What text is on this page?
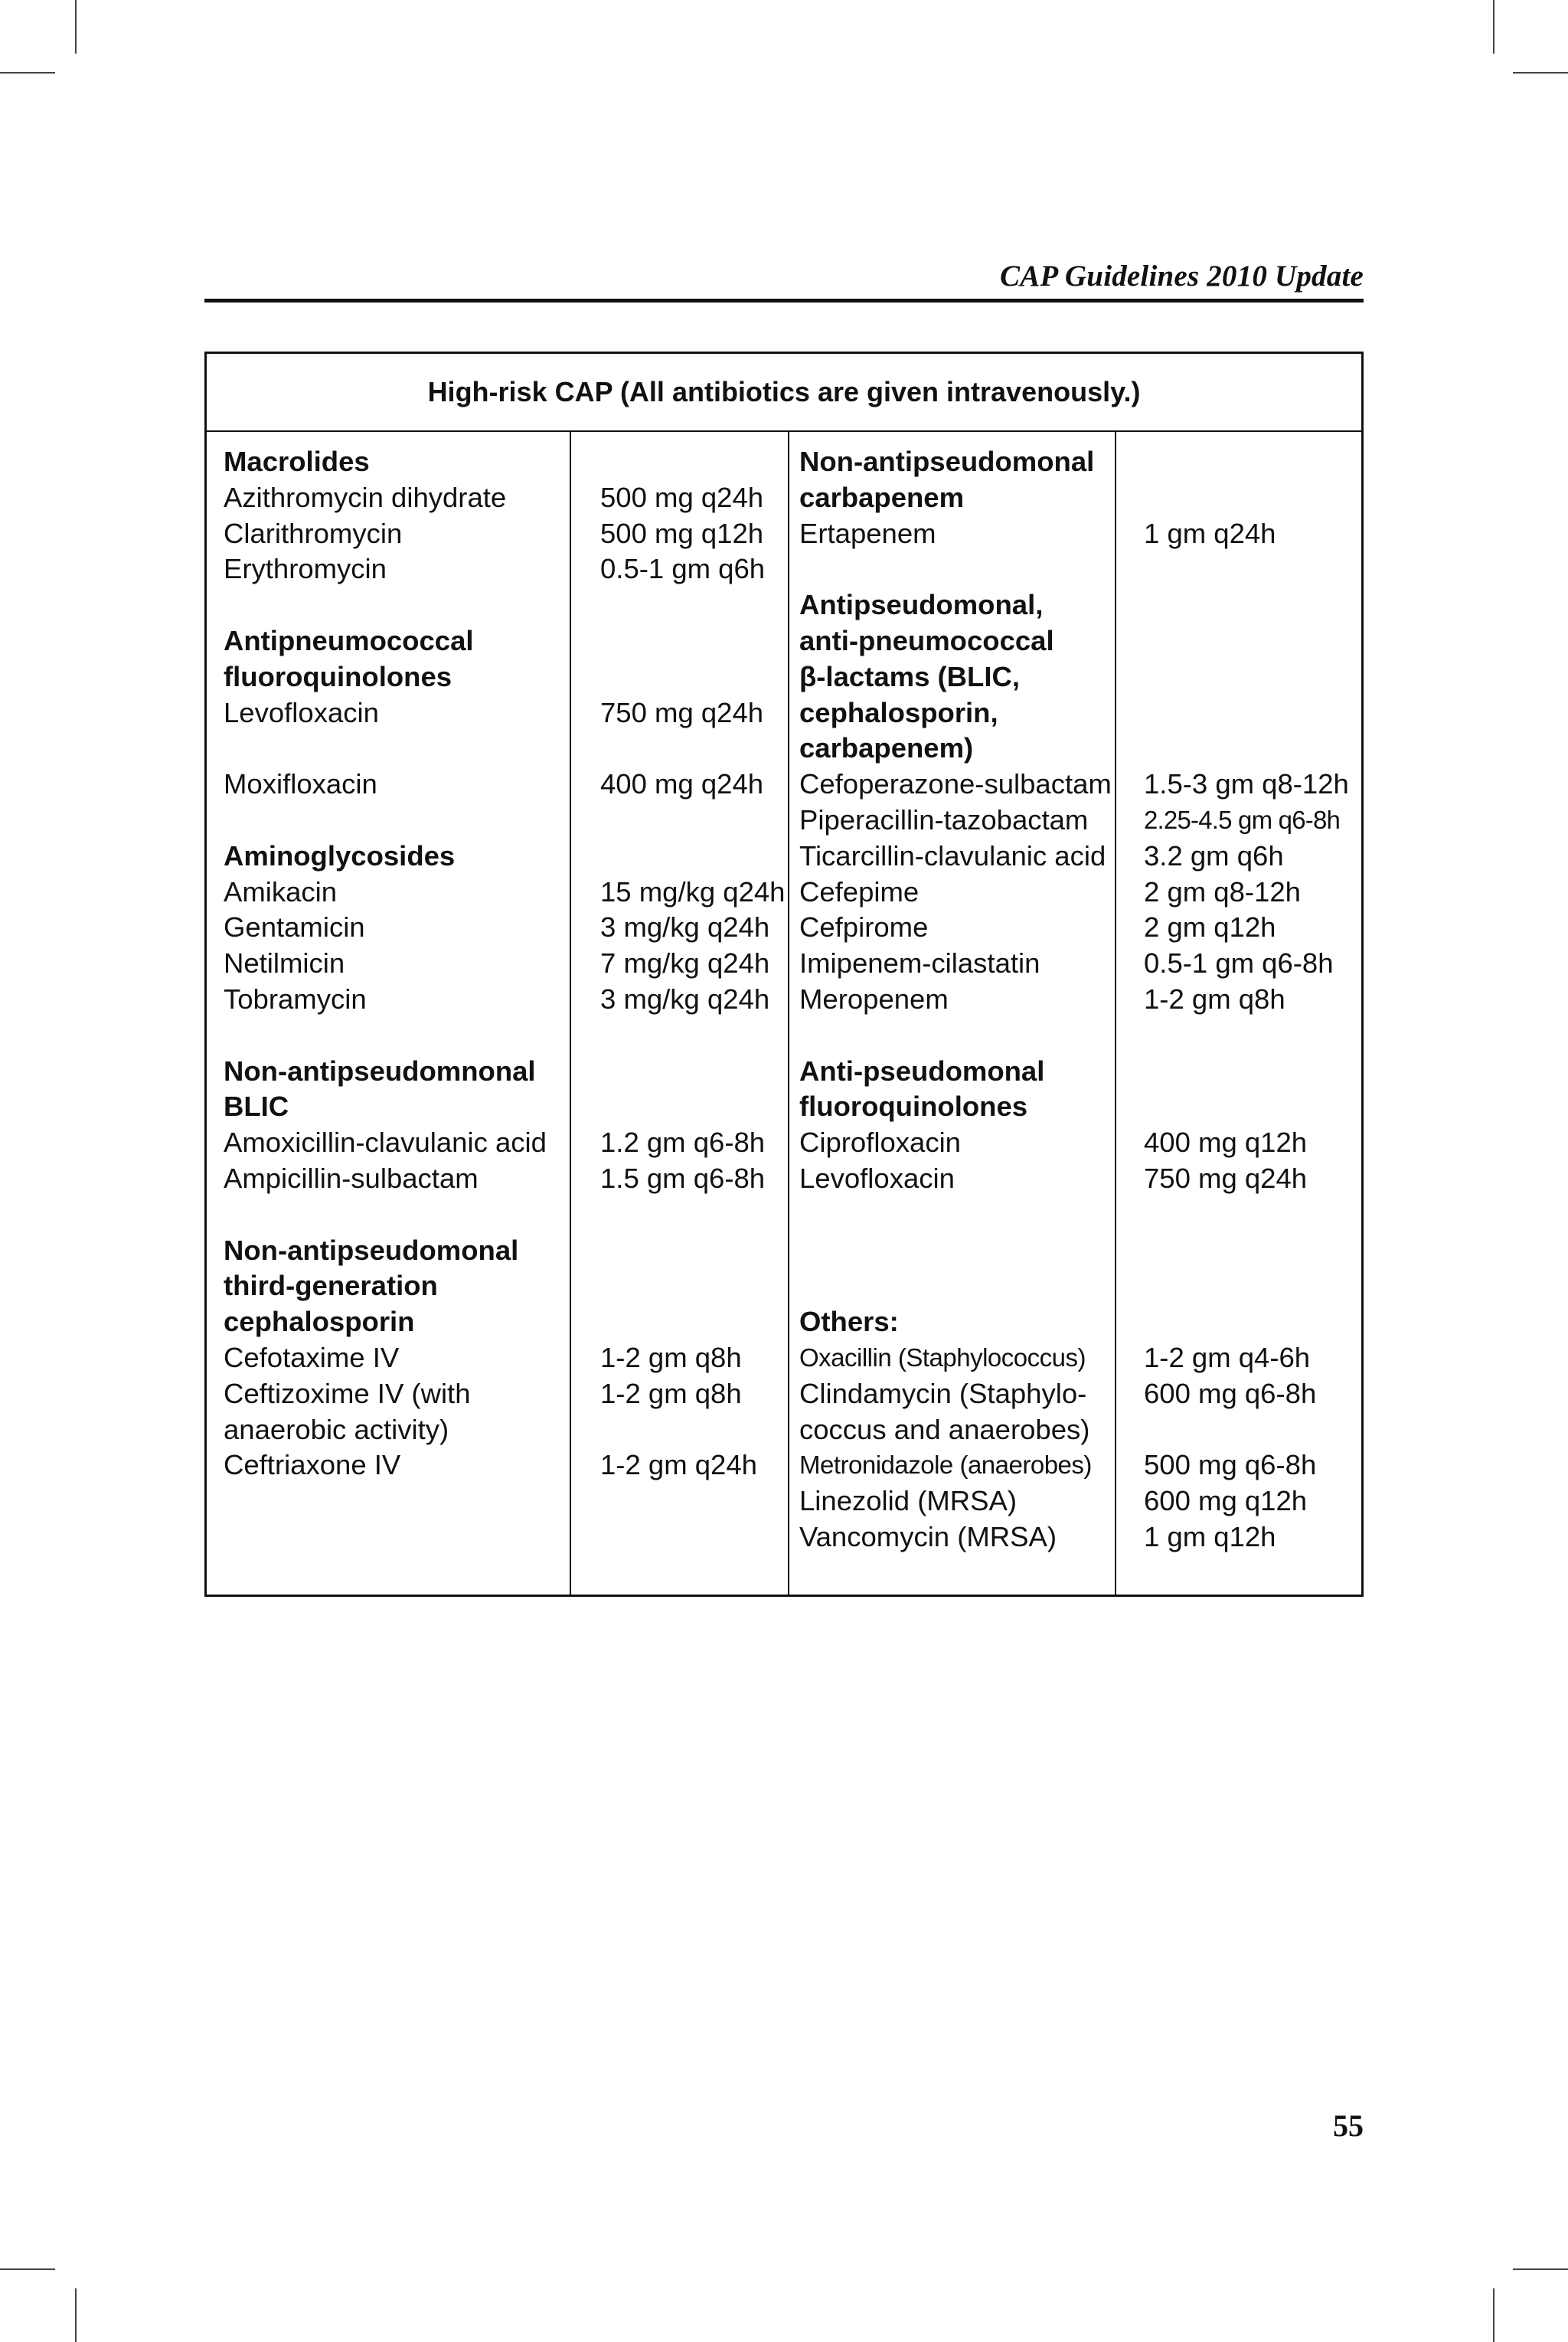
CAP Guidelines 2010 Update
High-risk CAP (All antibiotics are given intravenously.)
Macrolides
Azithromycin dihydrate
Clarithromycin
Erythromycin
Antipneumococcal
fluoroquinolones
Levofloxacin
Moxifloxacin
Aminoglycosides
Amikacin
Gentamicin
Netilmicin
Tobramycin
Non-antipseudomnonal
BLIC
Amoxicillin-clavulanic acid
Ampicillin-sulbactam
Non-antipseudomonal
third-generation
cephalosporin
Cefotaxime IV
Ceftizoxime IV (with
anaerobic activity)
Ceftriaxone IV
500 mg q24h
500 mg q12h
0.5-1 gm q6h
750 mg q24h
400 mg q24h
15 mg/kg q24h
3 mg/kg q24h
7 mg/kg q24h
3 mg/kg q24h
1.2 gm q6-8h
1.5 gm q6-8h
1-2 gm q8h
1-2 gm q8h
1-2 gm q24h
Non-antipseudomonal
carbapenem
Ertapenem
Antipseudomonal,
anti-pneumococcal
β-lactams (BLIC,
cephalosporin,
carbapenem)
Cefoperazone-sulbactam
Piperacillin-tazobactam
Ticarcillin-clavulanic acid
Cefepime
Cefpirome
Imipenem-cilastatin
Meropenem
Anti-pseudomonal
fluoroquinolones
Ciprofloxacin
Levofloxacin
Others:
Oxacillin (Staphylococcus)
Clindamycin (Staphylo-
coccus and anaerobes)
Metronidazole (anaerobes)
Linezolid (MRSA)
Vancomycin (MRSA)
1 gm q24h
1.5-3 gm q8-12h
2.25-4.5 gm q6-8h
3.2 gm q6h
2 gm q8-12h
2 gm q12h
0.5-1 gm q6-8h
1-2 gm q8h
400 mg q12h
750 mg q24h
1-2 gm q4-6h
600 mg q6-8h
500 mg q6-8h
600 mg q12h
1 gm q12h
55
